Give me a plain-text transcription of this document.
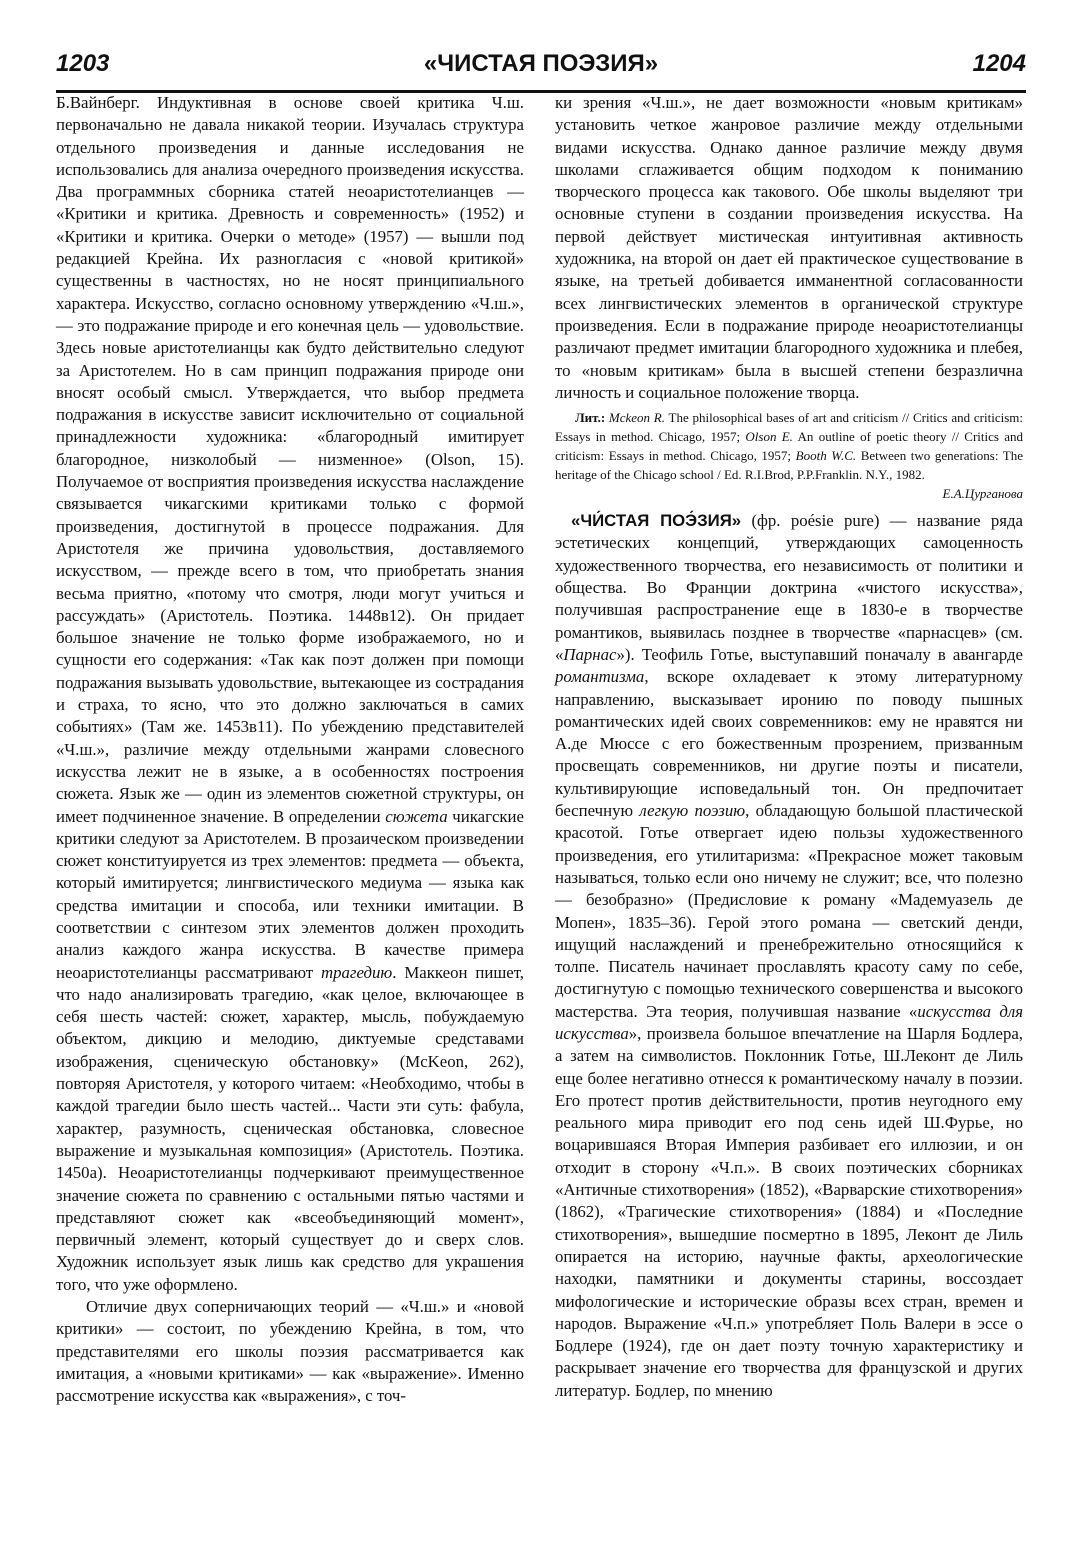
1203	«ЧИСТАЯ ПОЭЗИЯ»	1204

Б.Вайнберг. Индуктивная в основе своей критика Ч.ш. первоначально не давала никакой теории. Изучалась структура отдельного произведения и данные исследования не использовались для анализа очередного произведения искусства. Два программных сборника статей неоаристотелианцев — «Критики и критика. Древность и современность» (1952) и «Критики и критика. Очерки о методе» (1957) — вышли под редакцией Крейна. Их разногласия с «новой критикой» существенны в частностях, но не носят принципиального характера. Искусство, согласно основному утверждению «Ч.ш.», — это подражание природе и его конечная цель — удовольствие. Здесь новые аристотелианцы как будто действительно следуют за Аристотелем. Но в сам принцип подражания природе они вносят особый смысл. Утверждается, что выбор предмета подражания в искусстве зависит исключительно от социальной принадлежности художника: «благородный имитирует благородное, низколобый — низменное» (Olson, 15). Получаемое от восприятия произведения искусства наслаждение связывается чикагскими критиками только с формой произведения, достигнутой в процессе подражания. Для Аристотеля же причина удовольствия, доставляемого искусством, — прежде всего в том, что приобретать знания весьма приятно, «потому что смотря, люди могут учиться и рассуждать» (Аристотель. Поэтика. 1448в12). Он придает большое значение не только форме изображаемого, но и сущности его содержания: «Так как поэт должен при помощи подражания вызывать удовольствие, вытекающее из сострадания и страха, то ясно, что это должно заключаться в самих событиях» (Там же. 1453в11). По убеждению представителей «Ч.ш.», различие между отдельными жанрами словесного искусства лежит не в языке, а в особенностях построения сюжета. Язык же — один из элементов сюжетной структуры, он имеет подчиненное значение. В определении сюжета чикагские критики следуют за Аристотелем. В прозаическом произведении сюжет конституируется из трех элементов: предмета — объекта, который имитируется; лингвистического медиума — языка как средства имитации и способа, или техники имитации. В соответствии с синтезом этих элементов должен проходить анализ каждого жанра искусства. В качестве примера неоаристотелианцы рассматривают трагедию. Маккеон пишет, что надо анализировать трагедию, «как целое, включающее в себя шесть частей: сюжет, характер, мысль, побуждаемую объектом, дикцию и мелодию, диктуемые средставами изображения, сценическую обстановку» (McKeon, 262), повторяя Аристотеля, у которого читаем: «Необходимо, чтобы в каждой трагедии было шесть частей... Части эти суть: фабула, характер, разумность, сценическая обстановка, словесное выражение и музыкальная композиция» (Аристотель. Поэтика. 1450а). Неоаристотелианцы подчеркивают преимущественное значение сюжета по сравнению с остальными пятью частями и представляют сюжет как «всеобъединяющий момент», первичный элемент, который существует до и сверх слов. Художник использует язык лишь как средство для украшения того, что уже оформлено.

Отличие двух соперничающих теорий — «Ч.ш.» и «новой критики» — состоит, по убеждению Крейна, в том, что представителями его школы поэзия рассматривается как имитация, а «новыми критиками» — как «выражение». Именно рассмотрение искусства как «выражения», с точ-

ки зрения «Ч.ш.», не дает возможности «новым критикам» установить четкое жанровое различие между отдельными видами искусства. Однако данное различие между двумя школами сглаживается общим подходом к пониманию творческого процесса как такового. Обе школы выделяют три основные ступени в создании произведения искусства. На первой действует мистическая интуитивная активность художника, на второй он дает ей практическое существование в языке, на третьей добивается имманентной согласованности всех лингвистических элементов в органической структуре произведения. Если в подражание природе неоаристотелианцы различают предмет имитации благородного художника и плебея, то «новым критикам» была в высшей степени безразлична личность и социальное положение творца.

Лит.: Mckeon R. The philosophical bases of art and criticism // Critics and criticism: Essays in method. Chicago, 1957; Olson E. An outline of poetic theory // Critics and criticism: Essays in method. Chicago, 1957; Booth W.C. Between two generations: The heritage of the Chicago school / Ed. R.I.Brod, P.P.Franklin. N.Y., 1982.
Е.А.Цурганова

«ЧИ́СТАЯ ПОЭ́ЗИЯ» (фр. poésie pure) — название ряда эстетических концепций, утверждающих самоценность художественного творчества, его независимость от политики и общества. Во Франции доктрина «чистого искусства», получившая распространение еще в 1830-е в творчестве романтиков, выявилась позднее в творчестве «парнасцев» (см. «Парнас»). Теофиль Готье, выступавший поначалу в авангарде романтизма, вскоре охладевает к этому литературному направлению, высказывает иронию по поводу пышных романтических идей своих современников: ему не нравятся ни А.де Мюссе с его божественным прозрением, призванным просвещать современников, ни другие поэты и писатели, культивирующие исповедальный тон. Он предпочитает беспечную легкую поэзию, обладающую большой пластической красотой. Готье отвергает идею пользы художественного произведения, его утилитаризма: «Прекрасное может таковым называться, только если оно ничему не служит; все, что полезно — безобразно» (Предисловие к роману «Мадемуазель де Мопен», 1835–36). Герой этого романа — светский денди, ищущий наслаждений и пренебрежительно относящийся к толпе. Писатель начинает прославлять красоту саму по себе, достигнутую с помощью технического совершенства и высокого мастерства. Эта теория, получившая название «искусства для искусства», произвела большое впечатление на Шарля Бодлера, а затем на символистов. Поклонник Готье, Ш.Леконт де Лиль еще более негативно отнесся к романтическому началу в поэзии. Его протест против действительности, против неугодного ему реального мира приводит его под сень идей Ш.Фурье, но воцарившаяся Вторая Империя разбивает его иллюзии, и он отходит в сторону «Ч.п.». В своих поэтических сборниках «Античные стихотворения» (1852), «Варварские стихотворения» (1862), «Трагические стихотворения» (1884) и «Последние стихотворения», вышедшие посмертно в 1895, Леконт де Лиль опирается на историю, научные факты, археологические находки, памятники и документы старины, воссоздает мифологические и исторические образы всех стран, времен и народов. Выражение «Ч.п.» употребляет Поль Валери в эссе о Бодлере (1924), где он дает поэту точную характеристику и раскрывает значение его творчества для французской и других литератур. Бодлер, по мнению
